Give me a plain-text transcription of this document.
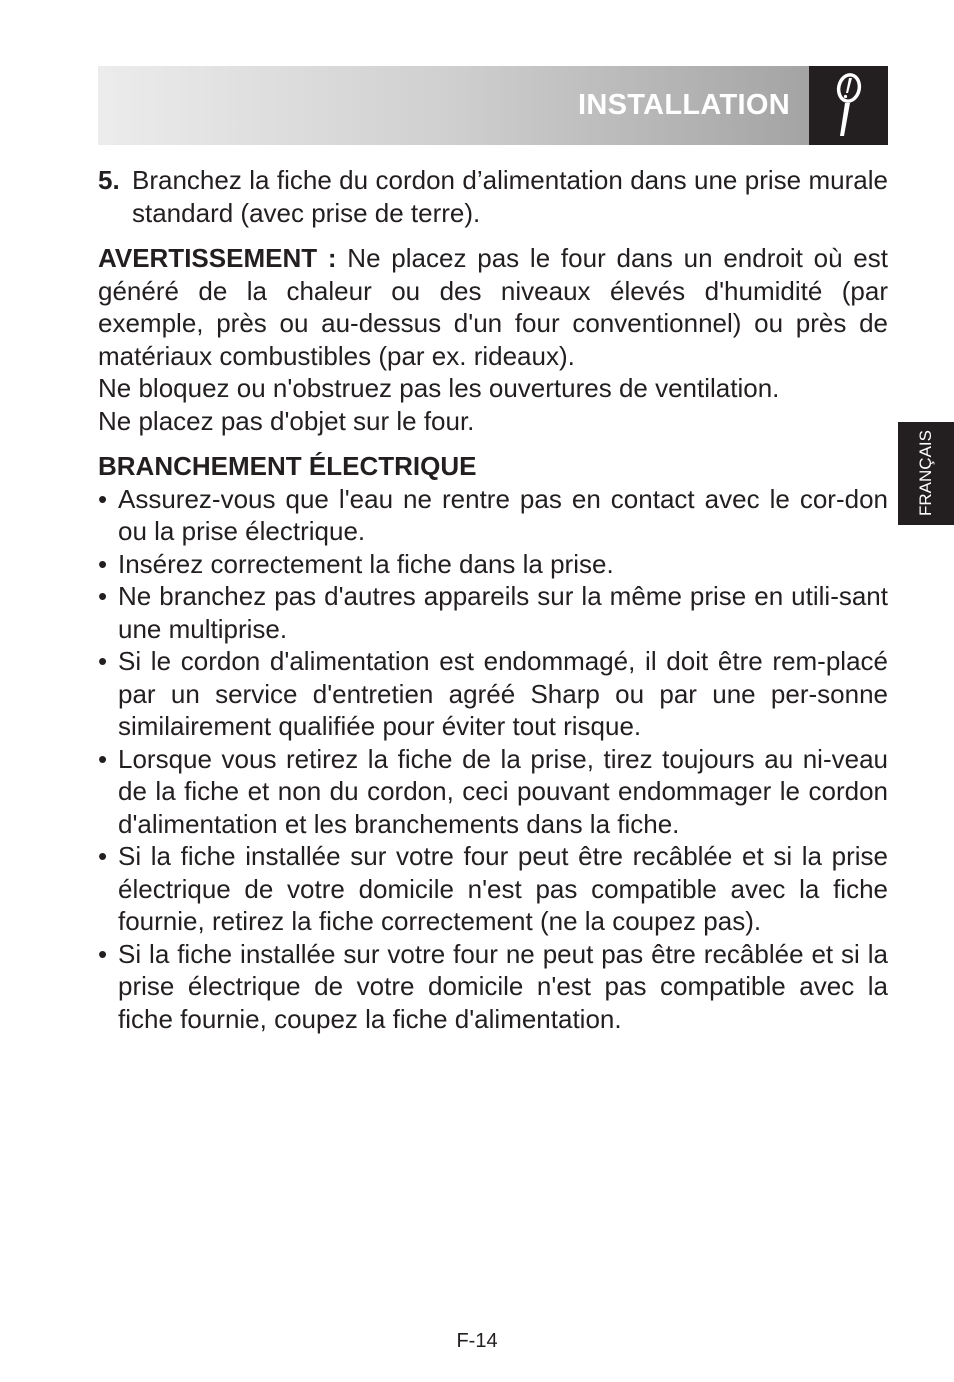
INSTALLATION
FRANÇAIS
5. Branchez la fiche du cordon d’alimentation dans une prise murale standard (avec prise de terre).

AVERTISSEMENT : Ne placez pas le four dans un endroit où est généré de la chaleur ou des niveaux élevés d'humidité (par exemple, près ou au-dessus d'un four conventionnel) ou près de matériaux combustibles (par ex. rideaux).

Ne bloquez ou n'obstruez pas les ouvertures de ventilation.

Ne placez pas d'objet sur le four.

BRANCHEMENT ÉLECTRIQUE
• Assurez-vous que l'eau ne rentre pas en contact avec le cor-don ou la prise électrique.
• Insérez correctement la fiche dans la prise.
• Ne branchez pas d'autres appareils sur la même prise en utili-sant une multiprise.
• Si le cordon d'alimentation est endommagé, il doit être rem-placé par un service d'entretien agréé Sharp ou par une per-sonne similairement qualifiée pour éviter tout risque.
• Lorsque vous retirez la fiche de la prise, tirez toujours au ni-veau de la fiche et non du cordon, ceci pouvant endommager le cordon d'alimentation et les branchements dans la fiche.
• Si la fiche installée sur votre four peut être recâblée et si la prise électrique de votre domicile n'est pas compatible avec la fiche fournie, retirez la fiche correctement (ne la coupez pas).
• Si la fiche installée sur votre four ne peut pas être recâblée et si la prise électrique de votre domicile n'est pas compatible avec la fiche fournie, coupez la fiche d'alimentation.
F-14
